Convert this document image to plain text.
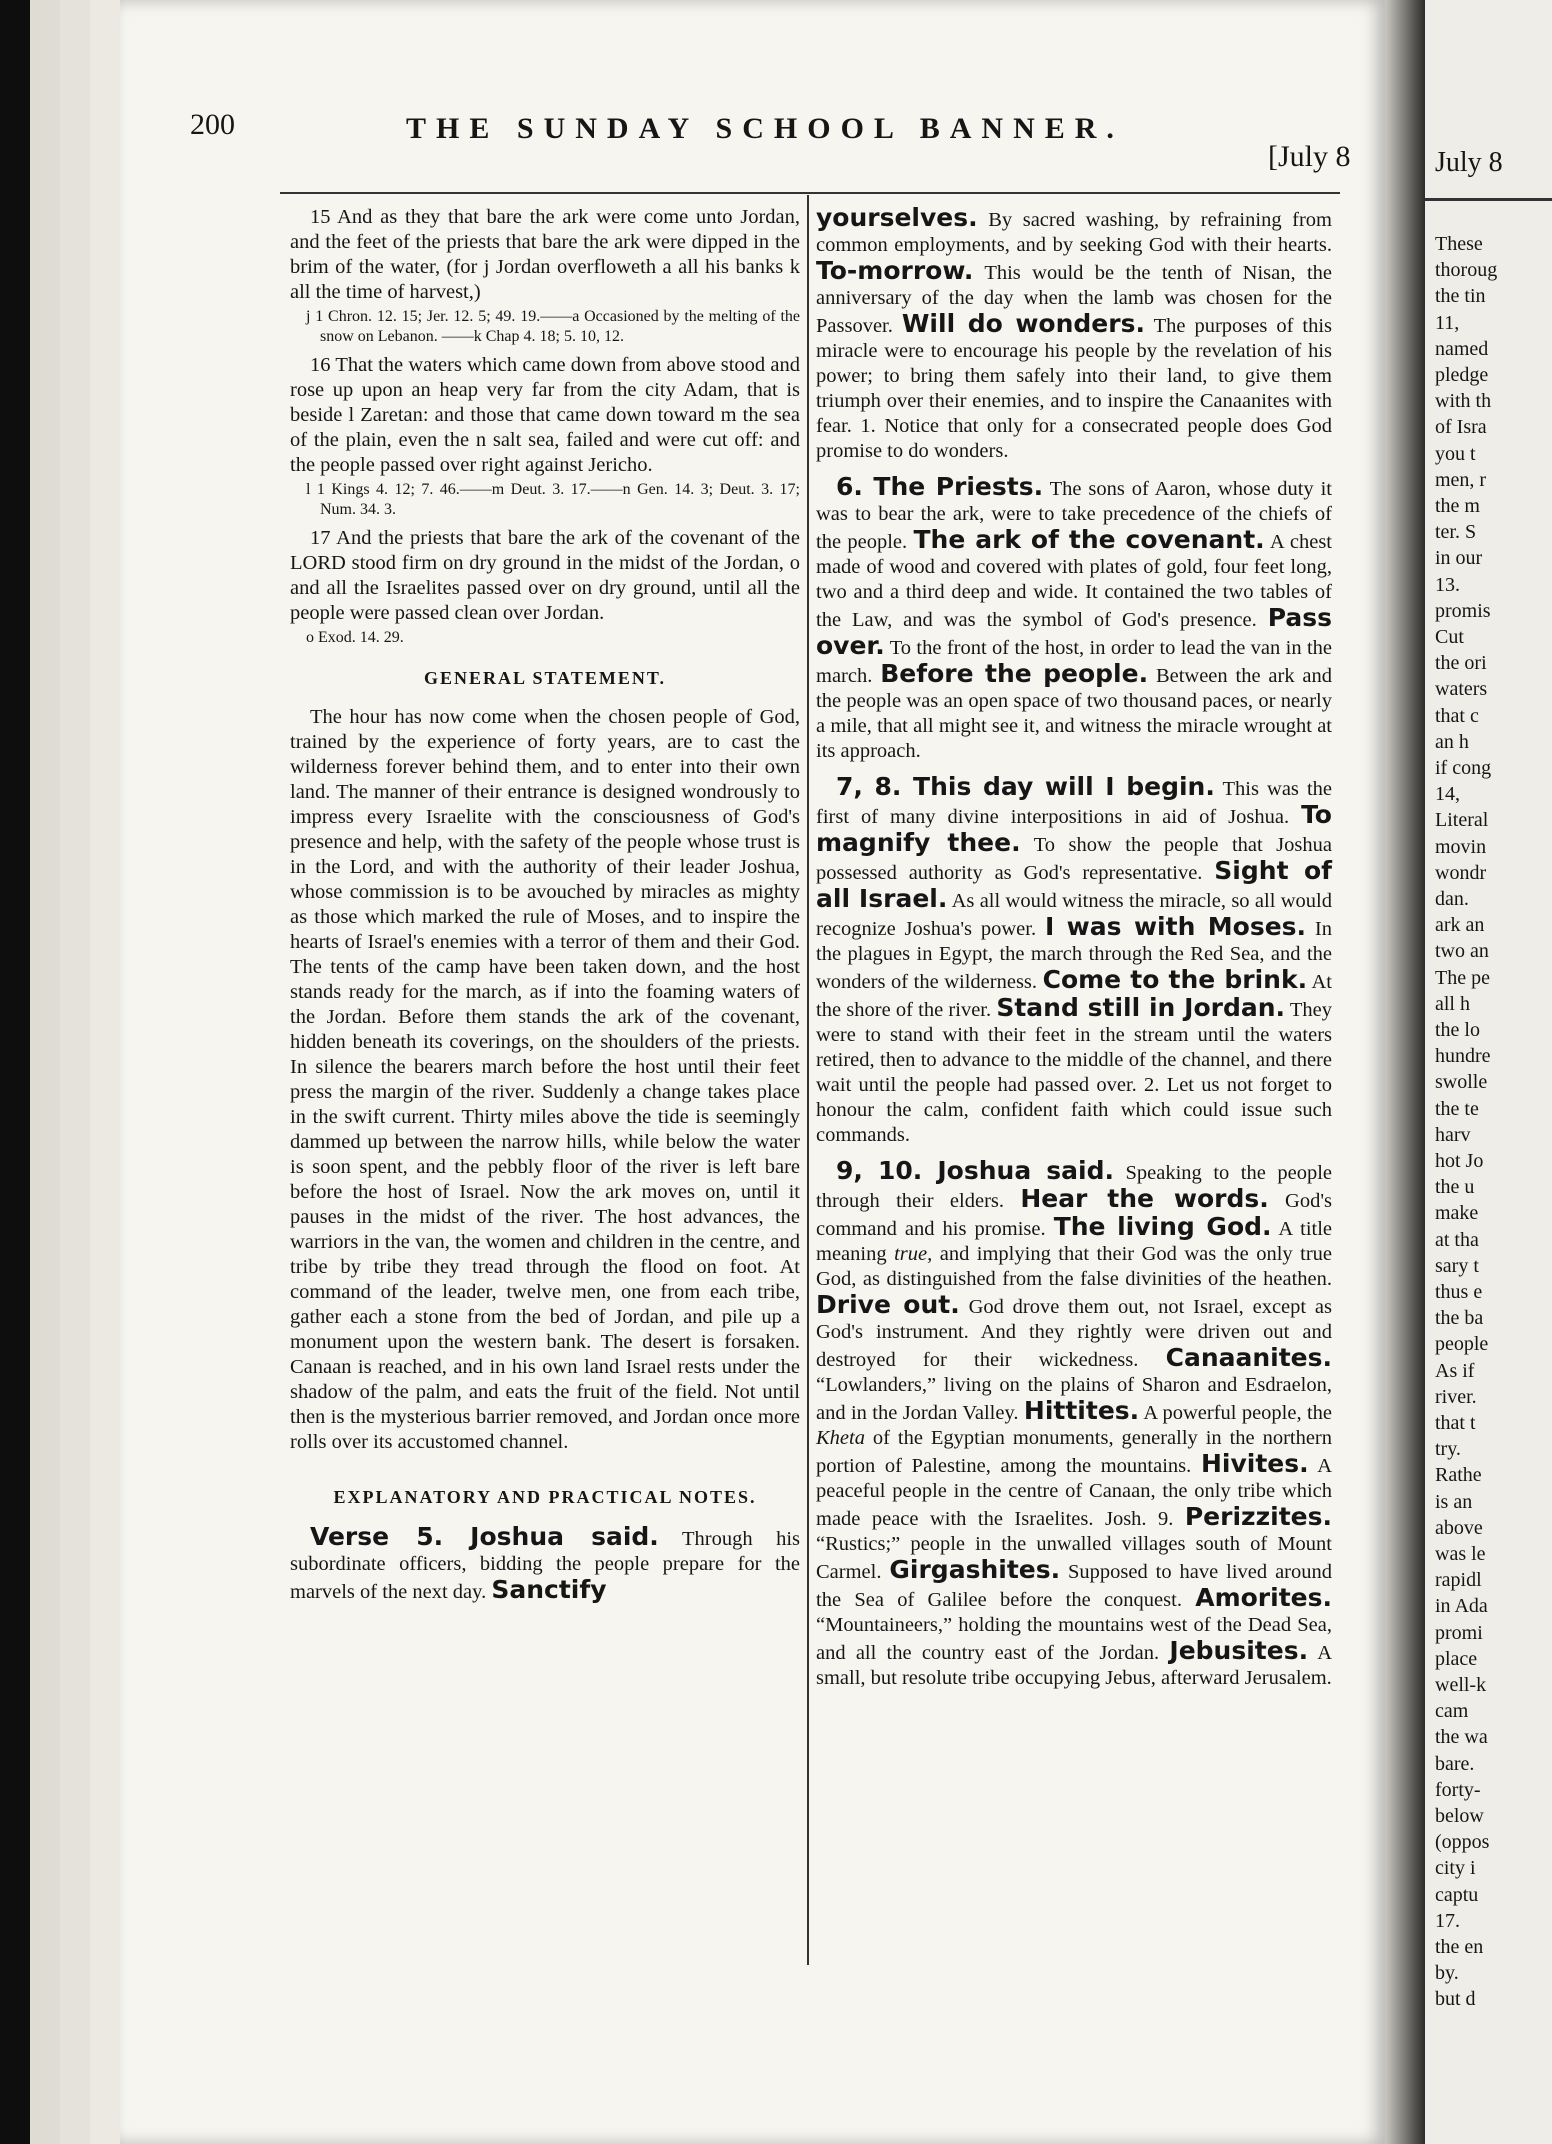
200	THE SUNDAY SCHOOL BANNER.
[July 8

15 And as they that bare the ark were come unto Jordan, and the feet of the priests that bare the ark were dipped in the brim of the water, (for j Jordan overfloweth a all his banks k all the time of harvest,)

j 1 Chron. 12. 15; Jer. 12. 5; 49. 19.——a Occasioned by the melting of the snow on Lebanon. ——k Chap 4. 18; 5. 10, 12.

16 That the waters which came down from above stood and rose up upon an heap very far from the city Adam, that is beside l Zaretan: and those that came down toward m the sea of the plain, even the n salt sea, failed and were cut off: and the people passed over right against Jericho.

l 1 Kings 4. 12; 7. 46.——m Deut. 3. 17.——n Gen. 14. 3; Deut. 3. 17; Num. 34. 3.

17 And the priests that bare the ark of the covenant of the LORD stood firm on dry ground in the midst of the Jordan, o and all the Israelites passed over on dry ground, until all the people were passed clean over Jordan.

o Exod. 14. 29.
GENERAL STATEMENT.

The hour has now come when the chosen people of God, trained by the experience of forty years, are to cast the wilderness forever behind them, and to enter into their own land. The manner of their entrance is designed wondrously to impress every Israelite with the consciousness of God's presence and help, with the safety of the people whose trust is in the Lord, and with the authority of their leader Joshua, whose commission is to be avouched by miracles as mighty as those which marked the rule of Moses, and to inspire the hearts of Israel's enemies with a terror of them and their God. The tents of the camp have been taken down, and the host stands ready for the march, as if into the foaming waters of the Jordan. Before them stands the ark of the covenant, hidden beneath its coverings, on the shoulders of the priests. In silence the bearers march before the host until their feet press the margin of the river. Suddenly a change takes place in the swift current. Thirty miles above the tide is seemingly dammed up between the narrow hills, while below the water is soon spent, and the pebbly floor of the river is left bare before the host of Israel. Now the ark moves on, until it pauses in the midst of the river. The host advances, the warriors in the van, the women and children in the centre, and tribe by tribe they tread through the flood on foot. At command of the leader, twelve men, one from each tribe, gather each a stone from the bed of Jordan, and pile up a monument upon the western bank. The desert is forsaken. Canaan is reached, and in his own land Israel rests under the shadow of the palm, and eats the fruit of the field. Not until then is the mysterious barrier removed, and Jordan once more rolls over its accustomed channel.

EXPLANATORY AND PRACTICAL NOTES.

Verse 5. Joshua said. Through his subordinate officers, bidding the people prepare for the marvels of the next day. Sanctify

yourselves. By sacred washing, by refraining from common employments, and by seeking God with their hearts. To-morrow. This would be the tenth of Nisan, the anniversary of the day when the lamb was chosen for the Passover. Will do wonders. The purposes of this miracle were to encourage his people by the revelation of his power; to bring them safely into their land, to give them triumph over their enemies, and to inspire the Canaanites with fear. 1. Notice that only for a consecrated people does God promise to do wonders.

6. The Priests. The sons of Aaron, whose duty it was to bear the ark, were to take precedence of the chiefs of the people. The ark of the covenant. A chest made of wood and covered with plates of gold, four feet long, two and a third deep and wide. It contained the two tables of the Law, and was the symbol of God's presence. Pass over. To the front of the host, in order to lead the van in the march. Before the people. Between the ark and the people was an open space of two thousand paces, or nearly a mile, that all might see it, and witness the miracle wrought at its approach.

7, 8. This day will I begin. This was the first of many divine interpositions in aid of Joshua. To magnify thee. To show the people that Joshua possessed authority as God's representative. Sight of all Israel. As all would witness the miracle, so all would recognize Joshua's power. I was with Moses. In the plagues in Egypt, the march through the Red Sea, and the wonders of the wilderness. Come to the brink. At the shore of the river. Stand still in Jordan. They were to stand with their feet in the stream until the waters retired, then to advance to the middle of the channel, and there wait until the people had passed over. 2. Let us not forget to honour the calm, confident faith which could issue such commands.

9, 10. Joshua said. Speaking to the people through their elders. Hear the words. God's command and his promise. The living God. A title meaning true, and implying that their God was the only true God, as distinguished from the false divinities of the heathen. Drive out. God drove them out, not Israel, except as God's instrument. And they rightly were driven out and destroyed for their wickedness. Canaanites. “Lowlanders,” living on the plains of Sharon and Esdraelon, and in the Jordan Valley. Hittites. A powerful people, the Kheta of the Egyptian monuments, generally in the northern portion of Palestine, among the mountains. Hivites. A peaceful people in the centre of Canaan, the only tribe which made peace with the Israelites. Josh. 9. Perizzites. “Rustics;” people in the unwalled villages south of Mount Carmel. Girgashites. Supposed to have lived around the Sea of Galilee before the conquest. Amorites. “Mountaineers,” holding the mountains west of the Dead Sea, and all the country east of the Jordan. Jebusites. A small, but resolute tribe occupying Jebus, afterward Jerusalem.

July 8
These
thoroug
the tin
11,
named
pledge
with th
of Isra
you t
men, r
the m
ter. S
in our
13.
promis
Cut
the ori
waters
that c
an h
if cong
14,
Literal
movin
wondr
dan.
ark an
two an
The pe
all h
the lo
hundre
swolle
the te
harv
hot Jo
the u
make
at tha
sary t
thus e
the ba
people
As if
river.
that t
try.
Rathe
is an
above
was le
rapidl
in Ada
promi
place
well-k
cam
the wa
bare.
forty-
below
(oppos
city i
captu
17.
the en
by.
but d
